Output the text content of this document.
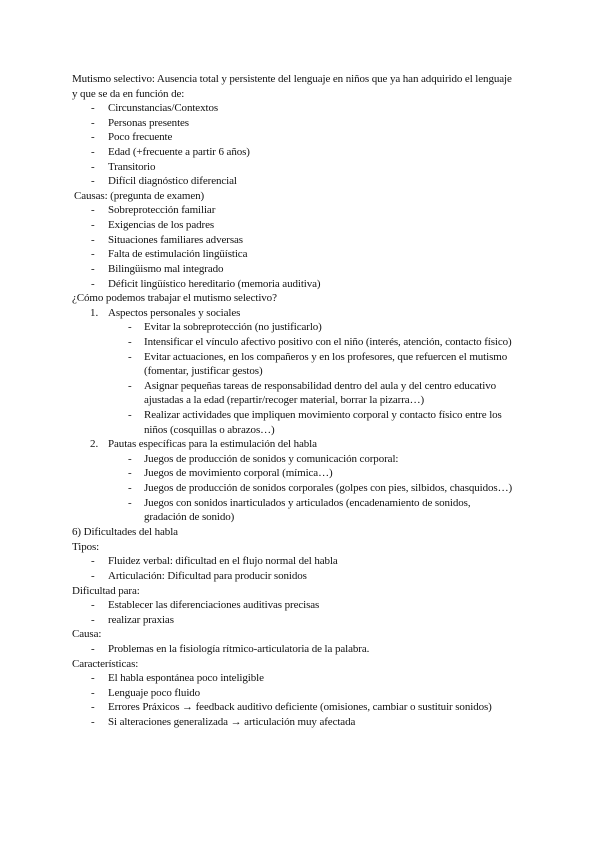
Mutismo selectivo: Ausencia total y persistente del lenguaje en niños que ya han adquirido el lenguaje
y que se da en función de:
- Circunstancias/Contextos
- Personas presentes
- Poco frecuente
- Edad (+frecuente a partir 6 años)
- Transitorio
- Difícil diagnóstico diferencial
Causas: (pregunta de examen)
- Sobreprotección familiar
- Exigencias de los padres
- Situaciones familiares adversas
- Falta de estimulación lingüística
- Bilingüismo mal integrado
- Déficit lingüístico hereditario (memoria auditiva)
¿Cómo podemos trabajar el mutismo selectivo?
1. Aspectos personales y sociales
- Evitar la sobreprotección (no justificarlo)
- Intensificar el vínculo afectivo positivo con el niño (interés, atención, contacto físico)
- Evitar actuaciones, en los compañeros y en los profesores, que refuercen el mutismo
(fomentar, justificar gestos)
- Asignar pequeñas tareas de responsabilidad dentro del aula y del centro educativo
ajustadas a la edad (repartir/recoger material, borrar la pizarra…)
- Realizar actividades que impliquen movimiento corporal y contacto físico entre los
niños (cosquillas o abrazos…)
2. Pautas específicas para la estimulación del habla
- Juegos de producción de sonidos y comunicación corporal:
- Juegos de movimiento corporal (mímica…)
- Juegos de producción de sonidos corporales (golpes con pies, silbidos, chasquidos…)
- Juegos con sonidos inarticulados y articulados (encadenamiento de sonidos,
gradación de sonido)
6) Dificultades del habla
Tipos:
- Fluidez verbal: dificultad en el flujo normal del habla
- Articulación: Dificultad para producir sonidos
Dificultad para:
- Establecer las diferenciaciones auditivas precisas
- realizar praxias
Causa:
- Problemas en la fisiología rítmico-articulatoria de la palabra.
Características:
- El habla espontánea poco inteligible
- Lenguaje poco fluido
- Errores Práxicos → feedback auditivo deficiente (omisiones, cambiar o sustituir sonidos)
- Si alteraciones generalizada → articulación muy afectada
